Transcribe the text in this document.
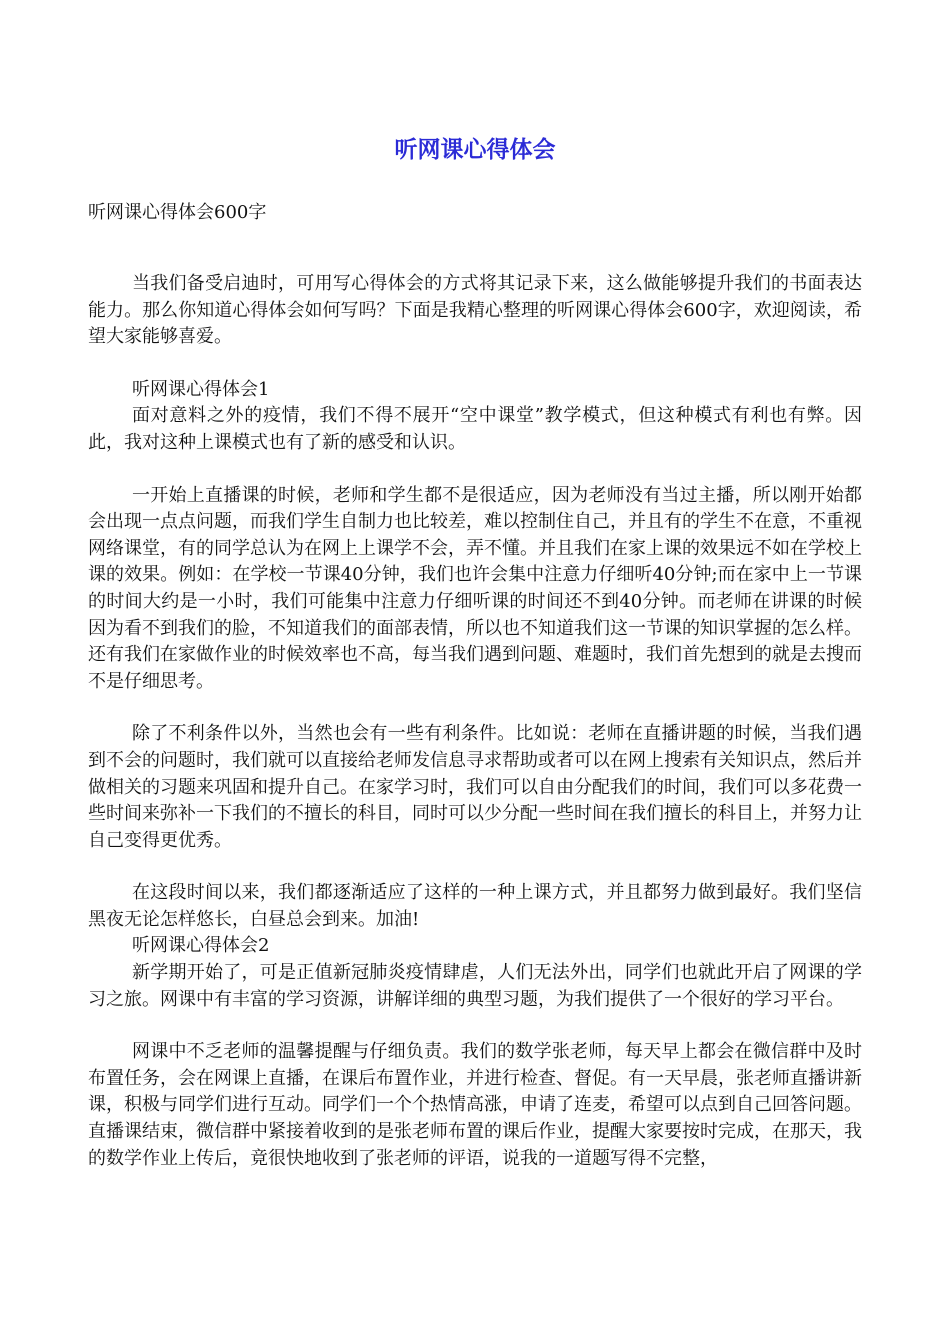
听网课心得体会
听网课心得体会600字

当我们备受启迪时，可用写心得体会的方式将其记录下来，这么做能够提升我们的书面表达能力。那么你知道心得体会如何写吗？下面是我精心整理的听网课心得体会600字，欢迎阅读，希望大家能够喜爱。

听网课心得体会1

面对意料之外的疫情，我们不得不展开“空中课堂”教学模式，但这种模式有利也有弊。因此，我对这种上课模式也有了新的感受和认识。

一开始上直播课的时候，老师和学生都不是很适应，因为老师没有当过主播，所以刚开始都会出现一点点问题，而我们学生自制力也比较差，难以控制住自己，并且有的学生不在意，不重视网络课堂，有的同学总认为在网上上课学不会，弄不懂。并且我们在家上课的效果远不如在学校上课的效果。例如：在学校一节课40分钟，我们也许会集中注意力仔细听40分钟;而在家中上一节课的时间大约是一小时，我们可能集中注意力仔细听课的时间还不到40分钟。而老师在讲课的时候因为看不到我们的脸，不知道我们的面部表情，所以也不知道我们这一节课的知识掌握的怎么样。还有我们在家做作业的时候效率也不高，每当我们遇到问题、难题时，我们首先想到的就是去搜而不是仔细思考。

除了不利条件以外，当然也会有一些有利条件。比如说：老师在直播讲题的时候，当我们遇到不会的问题时，我们就可以直接给老师发信息寻求帮助或者可以在网上搜索有关知识点，然后并做相关的习题来巩固和提升自己。在家学习时，我们可以自由分配我们的时间，我们可以多花费一些时间来弥补一下我们的不擅长的科目，同时可以少分配一些时间在我们擅长的科目上，并努力让自己变得更优秀。

在这段时间以来，我们都逐渐适应了这样的一种上课方式，并且都努力做到最好。我们坚信黑夜无论怎样悠长，白昼总会到来。加油!

听网课心得体会2

新学期开始了，可是正值新冠肺炎疫情肆虐，人们无法外出，同学们也就此开启了网课的学习之旅。网课中有丰富的学习资源，讲解详细的典型习题，为我们提供了一个很好的学习平台。

网课中不乏老师的温馨提醒与仔细负责。我们的数学张老师，每天早上都会在微信群中及时布置任务，会在网课上直播，在课后布置作业，并进行检查、督促。有一天早晨，张老师直播讲新课，积极与同学们进行互动。同学们一个个热情高涨，申请了连麦，希望可以点到自己回答问题。直播课结束，微信群中紧接着收到的是张老师布置的课后作业，提醒大家要按时完成，在那天，我的数学作业上传后，竟很快地收到了张老师的评语，说我的一道题写得不完整，
